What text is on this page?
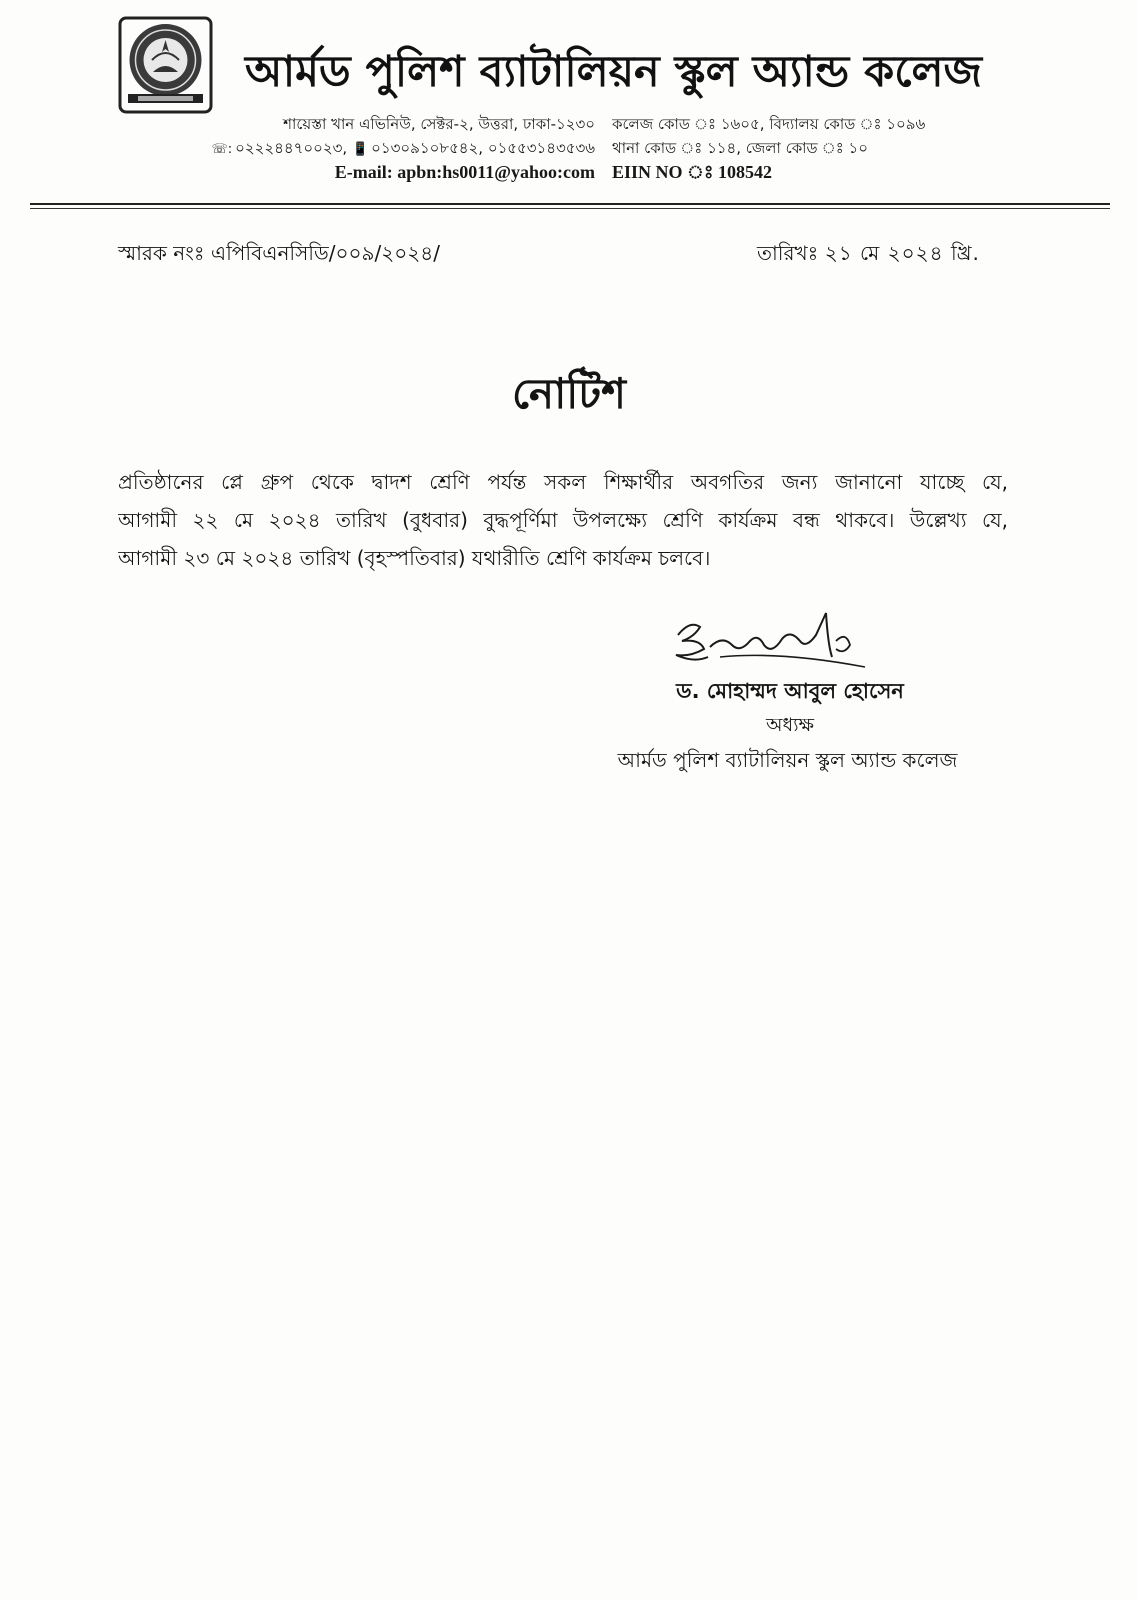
আর্মড পুলিশ ব্যাটালিয়ন স্কুল অ্যান্ড কলেজ
শায়েস্তা খান এভিনিউ, সেক্টর-২, উত্তরা, ঢাকা-১২৩০
☏: ০২২২৪৪৭০০২৩, 📱 ০১৩০৯১০৮৫৪২, ০১৫৫৩১৪৩৫৩৬
E-mail: apbn:hs0011@yahoo:com
কলেজ কোড ঃ ১৬০৫, বিদ্যালয় কোড ঃ ১০৯৬
থানা কোড ঃ ১১৪, জেলা কোড ঃ ১০
EIIN NO ঃ 108542
স্মারক নংঃ এপিবিএনসিডি/০০৯/২০২৪/	তারিখঃ ২১ মে ২০২৪ খ্রি.
নোটিশ
প্রতিষ্ঠানের প্লে গ্রুপ থেকে দ্বাদশ শ্রেণি পর্যন্ত সকল শিক্ষার্থীর অবগতির জন্য জানানো যাচ্ছে যে,
আগামী ২২ মে ২০২৪ তারিখ (বুধবার) বুদ্ধপূর্ণিমা উপলক্ষ্যে শ্রেণি কার্যক্রম বন্ধ থাকবে। উল্লেখ্য যে,
আগামী ২৩ মে ২০২৪ তারিখ (বৃহস্পতিবার) যথারীতি শ্রেণি কার্যক্রম চলবে।
ড. মোহাম্মদ আবুল হোসেন
অধ্যক্ষ
আর্মড পুলিশ ব্যাটালিয়ন স্কুল অ্যান্ড কলেজ
